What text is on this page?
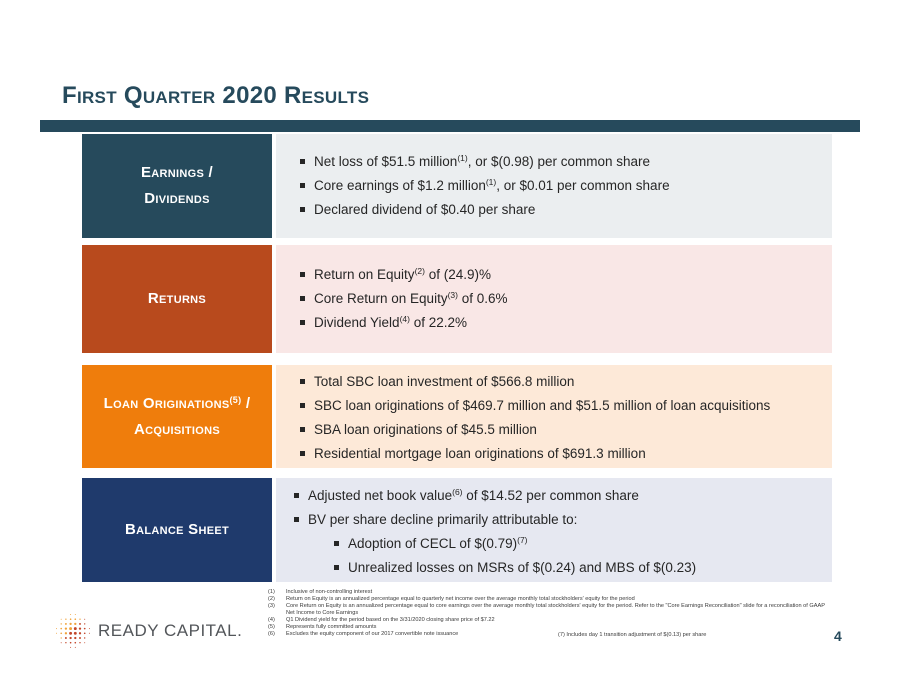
First Quarter 2020 Results
Earnings /
Dividends
Net loss of $51.5 million$^{(1)}$, or $(0.98) per common share
Core earnings of $1.2 million$^{(1)}$, or $0.01 per common share
Declared dividend of $0.40 per share
Returns
Return on Equity$^{(2)}$ of (24.9)%
Core Return on Equity$^{(3)}$ of 0.6%
Dividend Yield$^{(4)}$ of 22.2%
Loan Originations$^{(5)}$ /
Acquisitions
Total SBC loan investment of $566.8 million
SBC loan originations of $469.7 million and $51.5 million of loan acquisitions
SBA loan originations of $45.5 million
Residential mortgage loan originations of $691.3 million
Balance Sheet
Adjusted net book value$^{(6)}$ of $14.52 per common share
BV per share decline primarily attributable to:
Adoption of CECL of $\$(0.79)^{(7)}$
Unrealized losses on MSRs of $(0.24) and MBS of $(0.23)
(1)	Inclusive of non-controlling interest
(2)	Return on Equity is an annualized percentage equal to quarterly net income over the average monthly total stockholders' equity for the period
(3)	Core Return on Equity is an annualized percentage equal to core earnings over the average monthly total stockholders' equity for the period. Refer to the "Core Earnings Reconciliation" slide for a reconciliation of GAAP Net Income to Core Earnings
(4)	Q1 Dividend yield for the period based on the 3/31/2020 closing share price of $7.22
(5)	Represents fully committed amounts
(6)	Excludes the equity component of our 2017 convertible note issuance	(7) Includes day 1 transition adjustment of $(0.13) per share
READY CAPITAL.	4
